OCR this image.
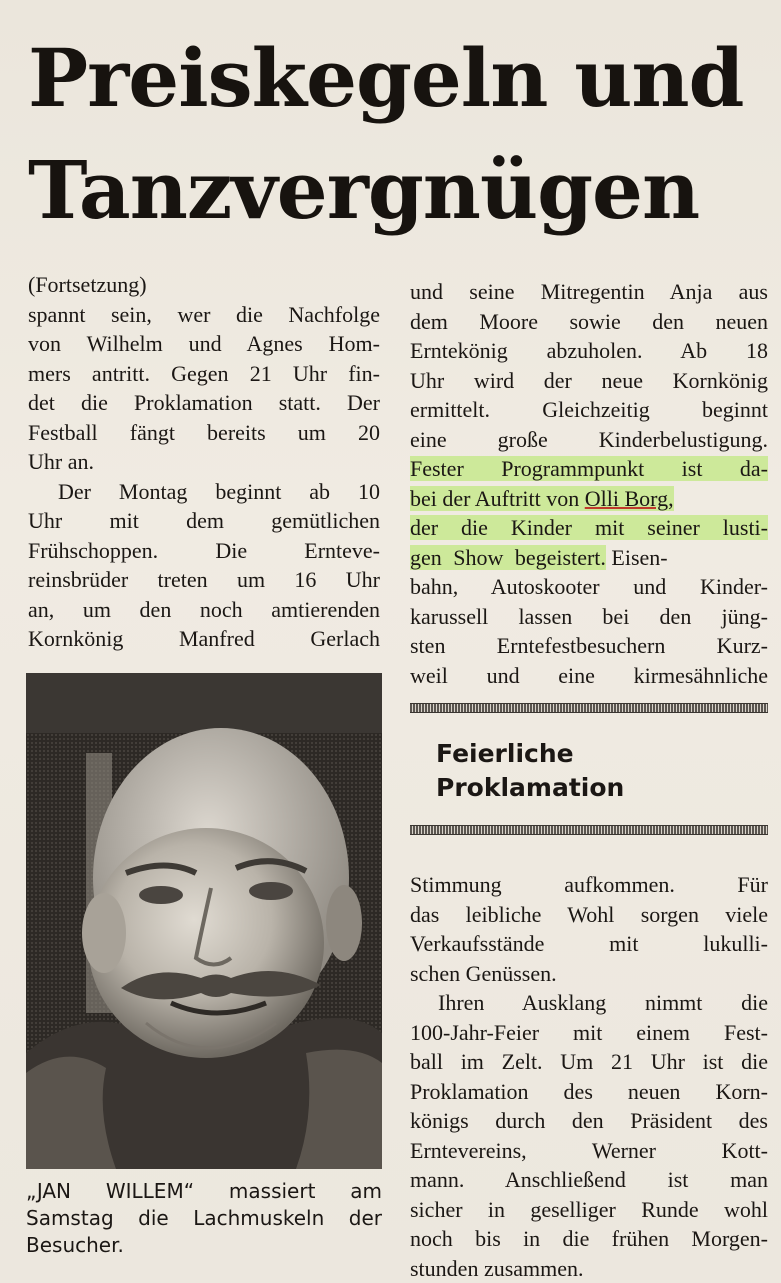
Preiskegeln und
Tanzvergnügen
(Fortsetzung)
spannt sein, wer die Nachfolge
von Wilhelm und Agnes Hom-
mers antritt. Gegen 21 Uhr fin-
det die Proklamation statt. Der
Festball fängt bereits um 20
Uhr an.
Der Montag beginnt ab 10
Uhr mit dem gemütlichen
Frühschoppen. Die Ernteve-
reinsbrüder treten um 16 Uhr
an, um den noch amtierenden
Kornkönig Manfred Gerlach
„JAN WILLEM“ massiert am
Samstag die Lachmuskeln der
Besucher.
und seine Mitregentin Anja aus
dem Moore sowie den neuen
Erntekönig abzuholen. Ab 18
Uhr wird der neue Kornkönig
ermittelt. Gleichzeitig beginnt
eine große Kinderbelustigung.
Fester Programmpunkt ist da-
bei der Auftritt von Olli Borg,
der die Kinder mit seiner lusti-
gen Show begeistert. Eisen-
bahn, Autoskooter und Kinder-
karussell lassen bei den jüng-
sten Erntefestbesuchern Kurz-
weil und eine kirmesähnliche
Feierliche
Proklamation
Stimmung aufkommen. Für
das leibliche Wohl sorgen viele
Verkaufsstände mit lukulli-
schen Genüssen.
Ihren Ausklang nimmt die
100-Jahr-Feier mit einem Fest-
ball im Zelt. Um 21 Uhr ist die
Proklamation des neuen Korn-
königs durch den Präsident des
Erntevereins, Werner Kott-
mann. Anschließend ist man
sicher in geselliger Runde wohl
noch bis in die frühen Morgen-
stunden zusammen.
